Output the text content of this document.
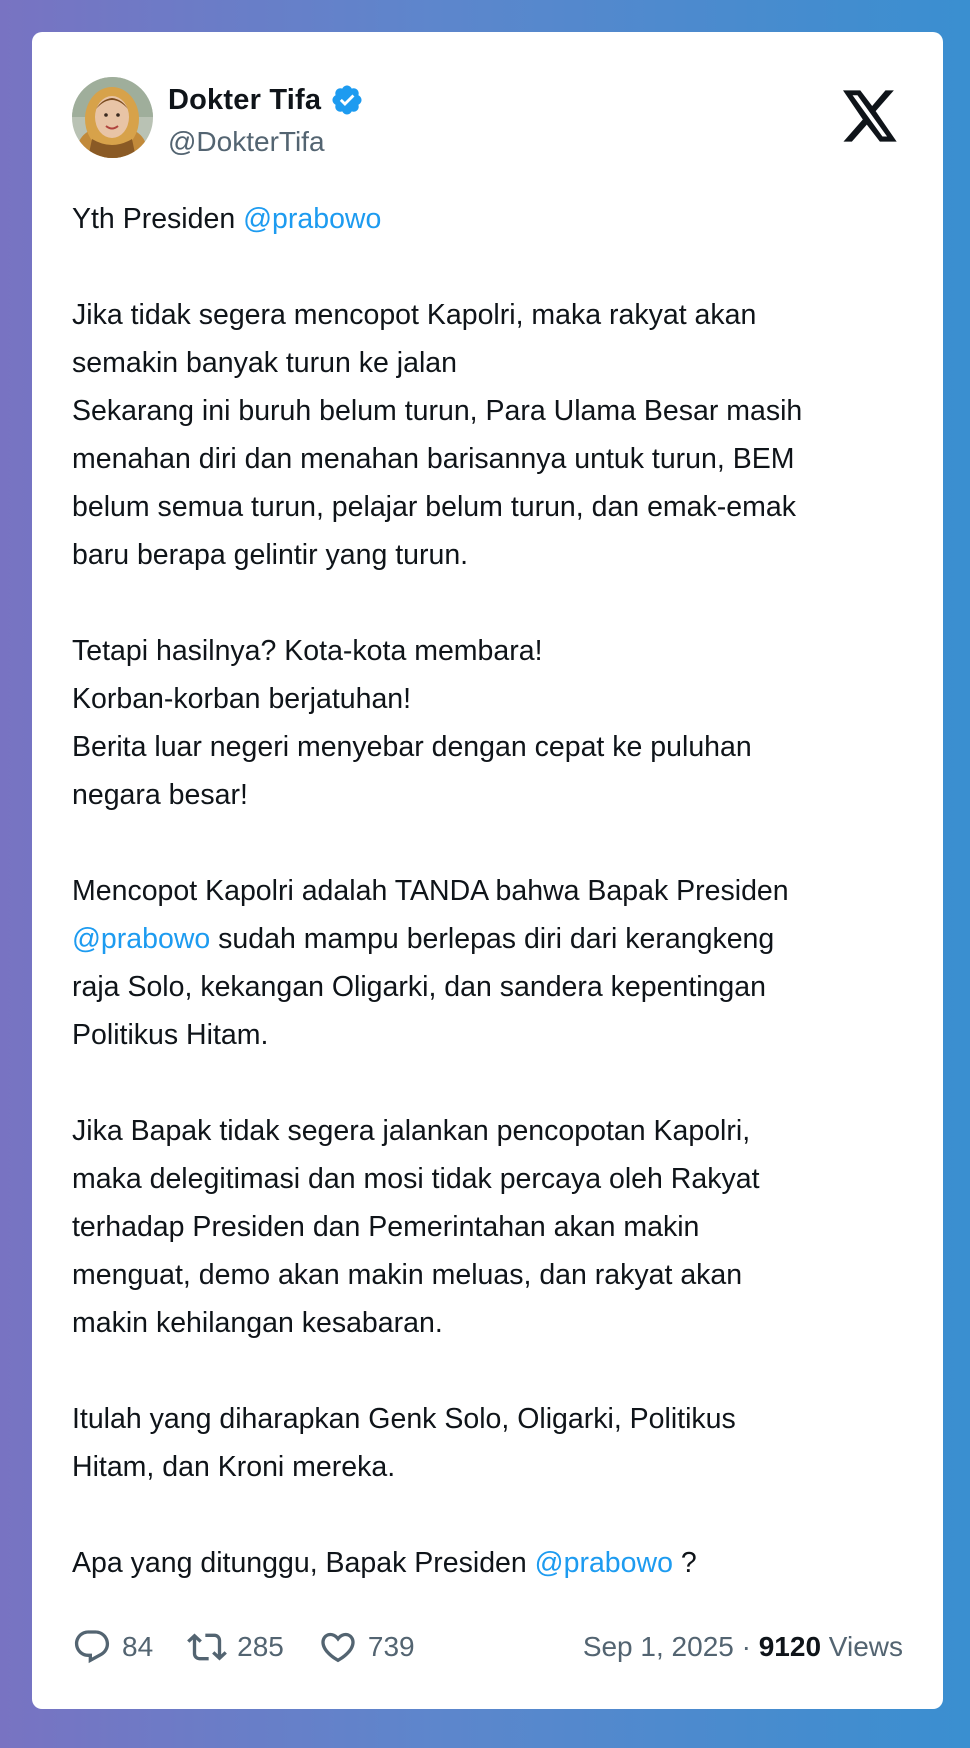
Dokter Tifa
@DokterTifa
Yth Presiden @prabowo
Jika tidak segera mencopot Kapolri, maka rakyat akan
semakin banyak turun ke jalan
Sekarang ini buruh belum turun, Para Ulama Besar masih
menahan diri dan menahan barisannya untuk turun, BEM
belum semua turun, pelajar belum turun, dan emak-emak
baru berapa gelintir yang turun.
Tetapi hasilnya? Kota-kota membara!
Korban-korban berjatuhan!
Berita luar negeri menyebar dengan cepat ke puluhan
negara besar!
Mencopot Kapolri adalah TANDA bahwa Bapak Presiden
@prabowo sudah mampu berlepas diri dari kerangkeng
raja Solo, kekangan Oligarki, dan sandera kepentingan
Politikus Hitam.
Jika Bapak tidak segera jalankan pencopotan Kapolri,
maka delegitimasi dan mosi tidak percaya oleh Rakyat
terhadap Presiden dan Pemerintahan akan makin
menguat, demo akan makin meluas, dan rakyat akan
makin kehilangan kesabaran.
Itulah yang diharapkan Genk Solo, Oligarki, Politikus
Hitam, dan Kroni mereka.
Apa yang ditunggu, Bapak Presiden @prabowo ?
84	285	739	Sep 1, 2025 · 9120 Views
